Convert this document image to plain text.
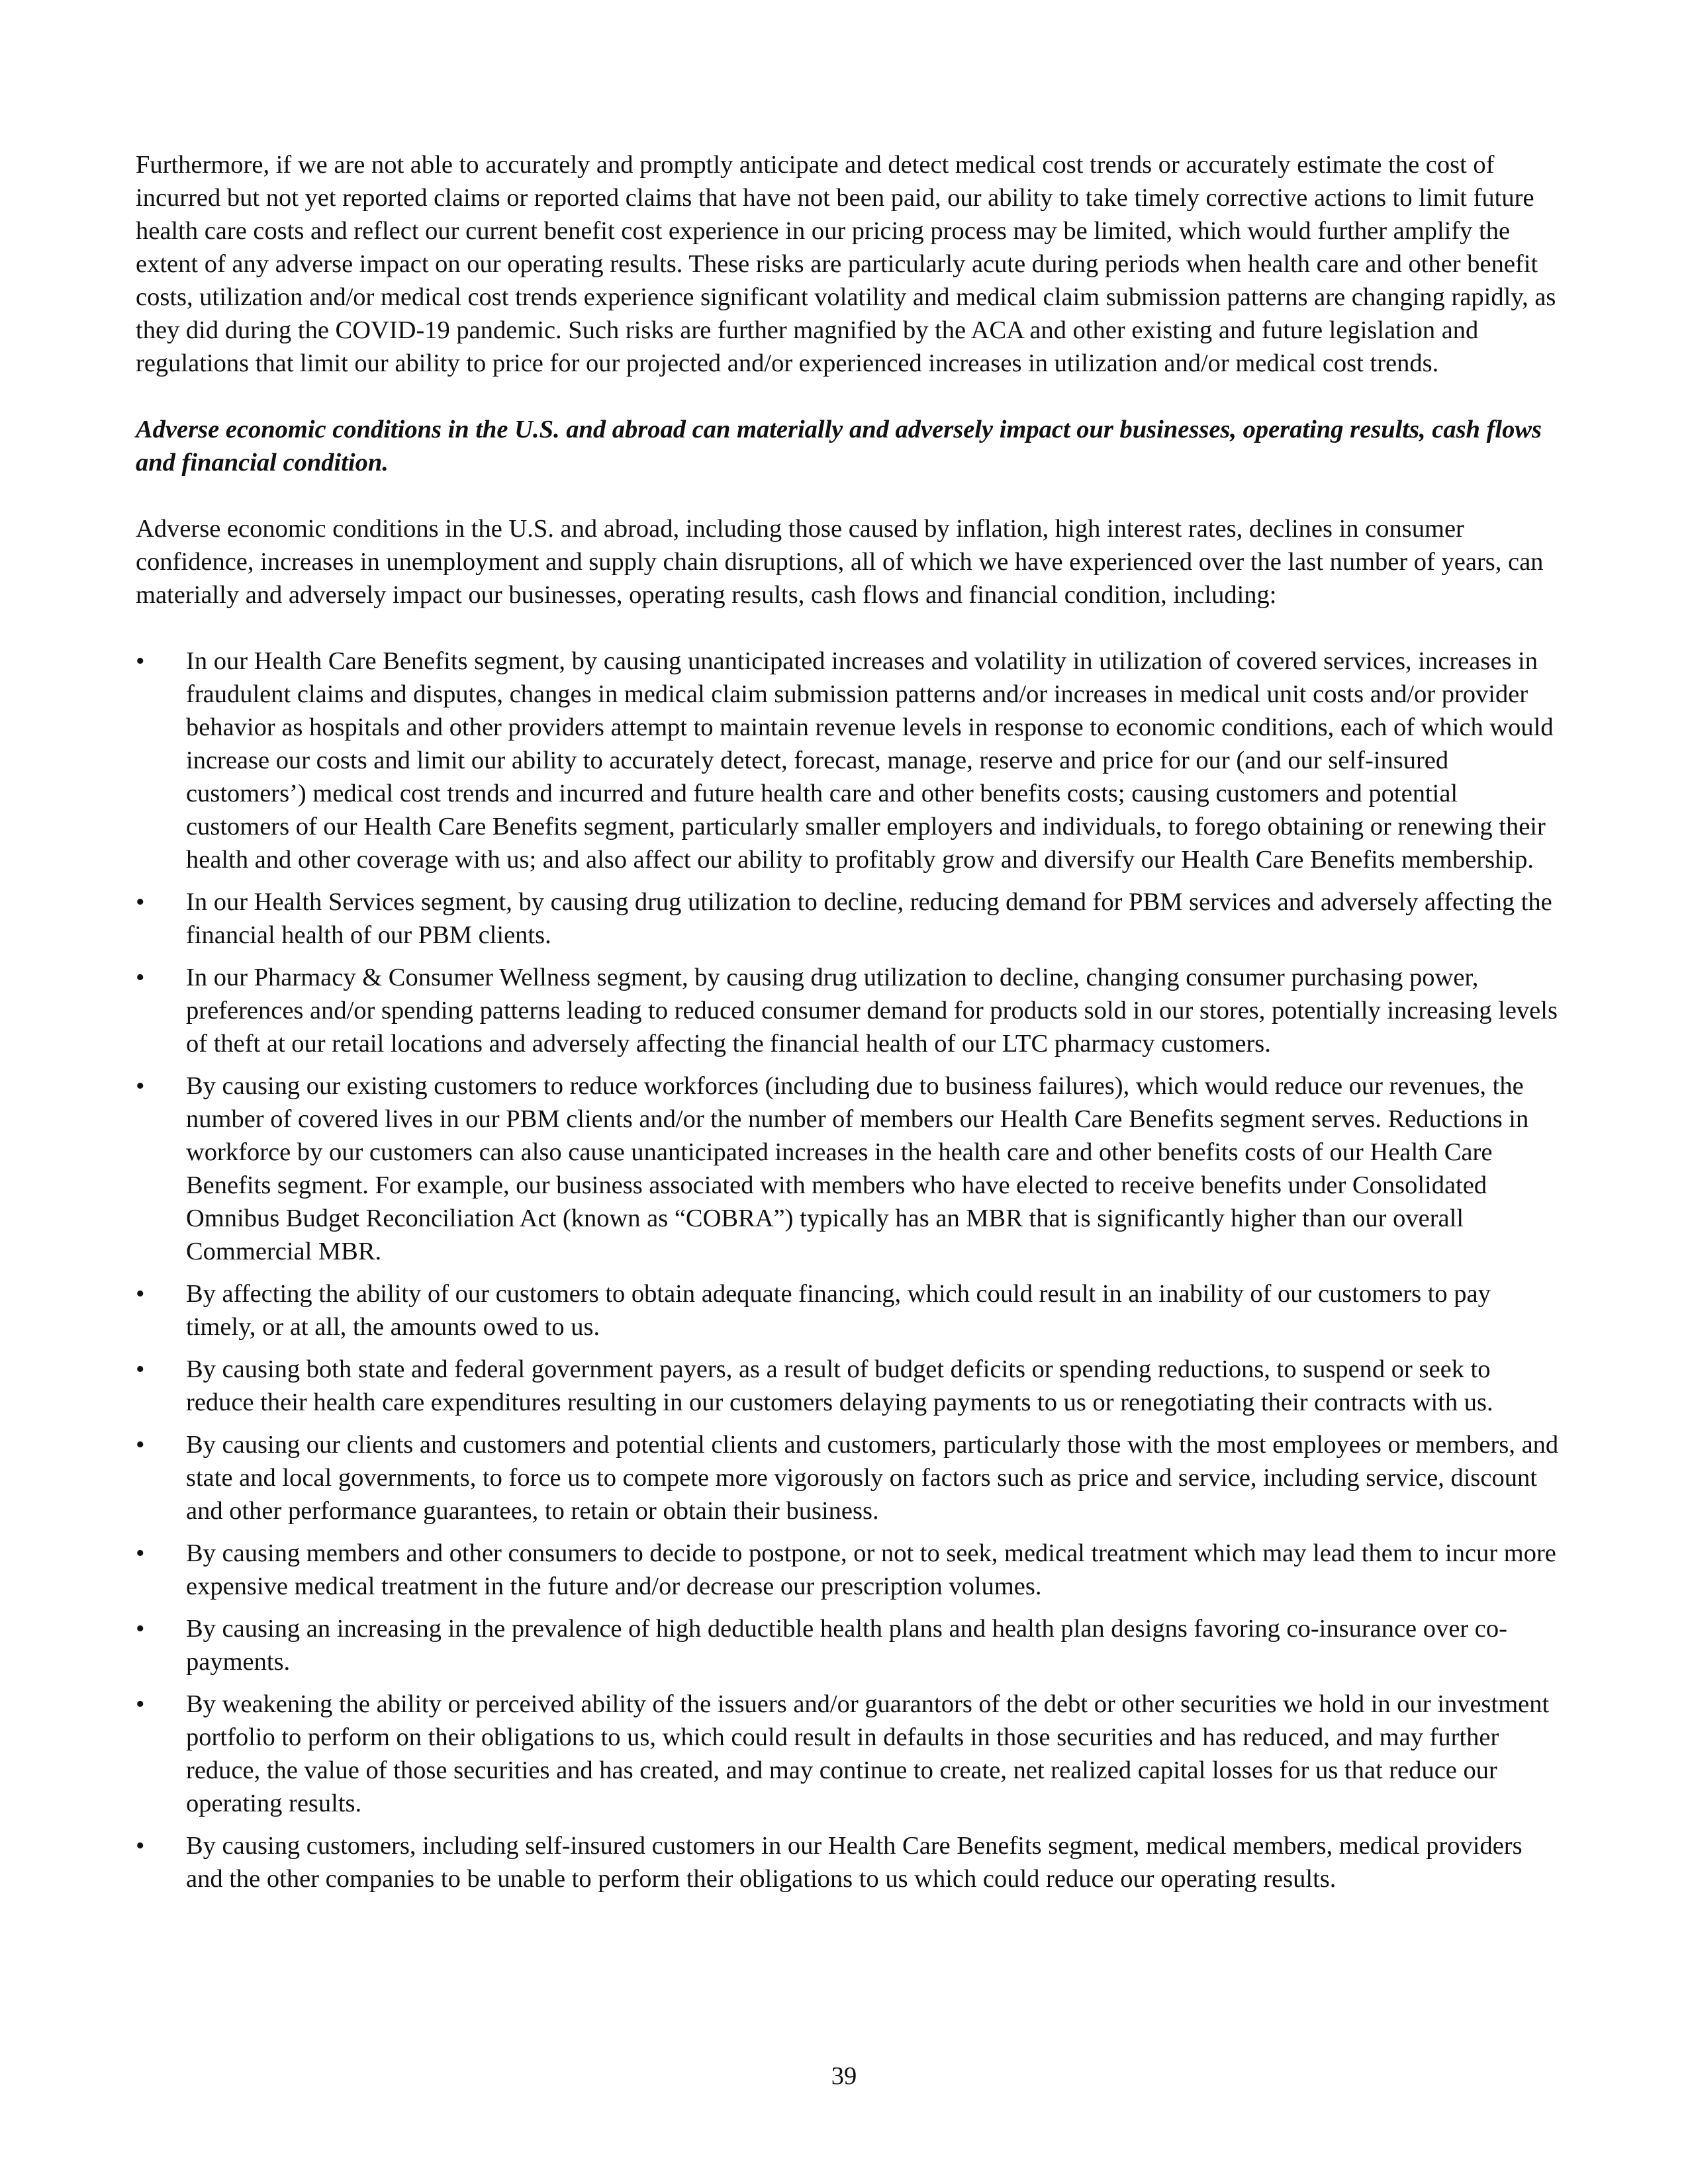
Furthermore, if we are not able to accurately and promptly anticipate and detect medical cost trends or accurately estimate the cost of incurred but not yet reported claims or reported claims that have not been paid, our ability to take timely corrective actions to limit future health care costs and reflect our current benefit cost experience in our pricing process may be limited, which would further amplify the extent of any adverse impact on our operating results. These risks are particularly acute during periods when health care and other benefit costs, utilization and/or medical cost trends experience significant volatility and medical claim submission patterns are changing rapidly, as they did during the COVID-19 pandemic. Such risks are further magnified by the ACA and other existing and future legislation and regulations that limit our ability to price for our projected and/or experienced increases in utilization and/or medical cost trends.

Adverse economic conditions in the U.S. and abroad can materially and adversely impact our businesses, operating results, cash flows and financial condition.

Adverse economic conditions in the U.S. and abroad, including those caused by inflation, high interest rates, declines in consumer confidence, increases in unemployment and supply chain disruptions, all of which we have experienced over the last number of years, can materially and adversely impact our businesses, operating results, cash flows and financial condition, including:

•	In our Health Care Benefits segment, by causing unanticipated increases and volatility in utilization of covered services, increases in fraudulent claims and disputes, changes in medical claim submission patterns and/or increases in medical unit costs and/or provider behavior as hospitals and other providers attempt to maintain revenue levels in response to economic conditions, each of which would increase our costs and limit our ability to accurately detect, forecast, manage, reserve and price for our (and our self-insured customers’) medical cost trends and incurred and future health care and other benefits costs; causing customers and potential customers of our Health Care Benefits segment, particularly smaller employers and individuals, to forego obtaining or renewing their health and other coverage with us; and also affect our ability to profitably grow and diversify our Health Care Benefits membership.
•	In our Health Services segment, by causing drug utilization to decline, reducing demand for PBM services and adversely affecting the financial health of our PBM clients.
•	In our Pharmacy & Consumer Wellness segment, by causing drug utilization to decline, changing consumer purchasing power, preferences and/or spending patterns leading to reduced consumer demand for products sold in our stores, potentially increasing levels of theft at our retail locations and adversely affecting the financial health of our LTC pharmacy customers.
•	By causing our existing customers to reduce workforces (including due to business failures), which would reduce our revenues, the number of covered lives in our PBM clients and/or the number of members our Health Care Benefits segment serves. Reductions in workforce by our customers can also cause unanticipated increases in the health care and other benefits costs of our Health Care Benefits segment. For example, our business associated with members who have elected to receive benefits under Consolidated Omnibus Budget Reconciliation Act (known as “COBRA”) typically has an MBR that is significantly higher than our overall Commercial MBR.
•	By affecting the ability of our customers to obtain adequate financing, which could result in an inability of our customers to pay timely, or at all, the amounts owed to us.
•	By causing both state and federal government payers, as a result of budget deficits or spending reductions, to suspend or seek to reduce their health care expenditures resulting in our customers delaying payments to us or renegotiating their contracts with us.
•	By causing our clients and customers and potential clients and customers, particularly those with the most employees or members, and state and local governments, to force us to compete more vigorously on factors such as price and service, including service, discount and other performance guarantees, to retain or obtain their business.
•	By causing members and other consumers to decide to postpone, or not to seek, medical treatment which may lead them to incur more expensive medical treatment in the future and/or decrease our prescription volumes.
•	By causing an increasing in the prevalence of high deductible health plans and health plan designs favoring co-insurance over co-payments.
•	By weakening the ability or perceived ability of the issuers and/or guarantors of the debt or other securities we hold in our investment portfolio to perform on their obligations to us, which could result in defaults in those securities and has reduced, and may further reduce, the value of those securities and has created, and may continue to create, net realized capital losses for us that reduce our operating results.
•	By causing customers, including self-insured customers in our Health Care Benefits segment, medical members, medical providers and the other companies to be unable to perform their obligations to us which could reduce our operating results.
39
